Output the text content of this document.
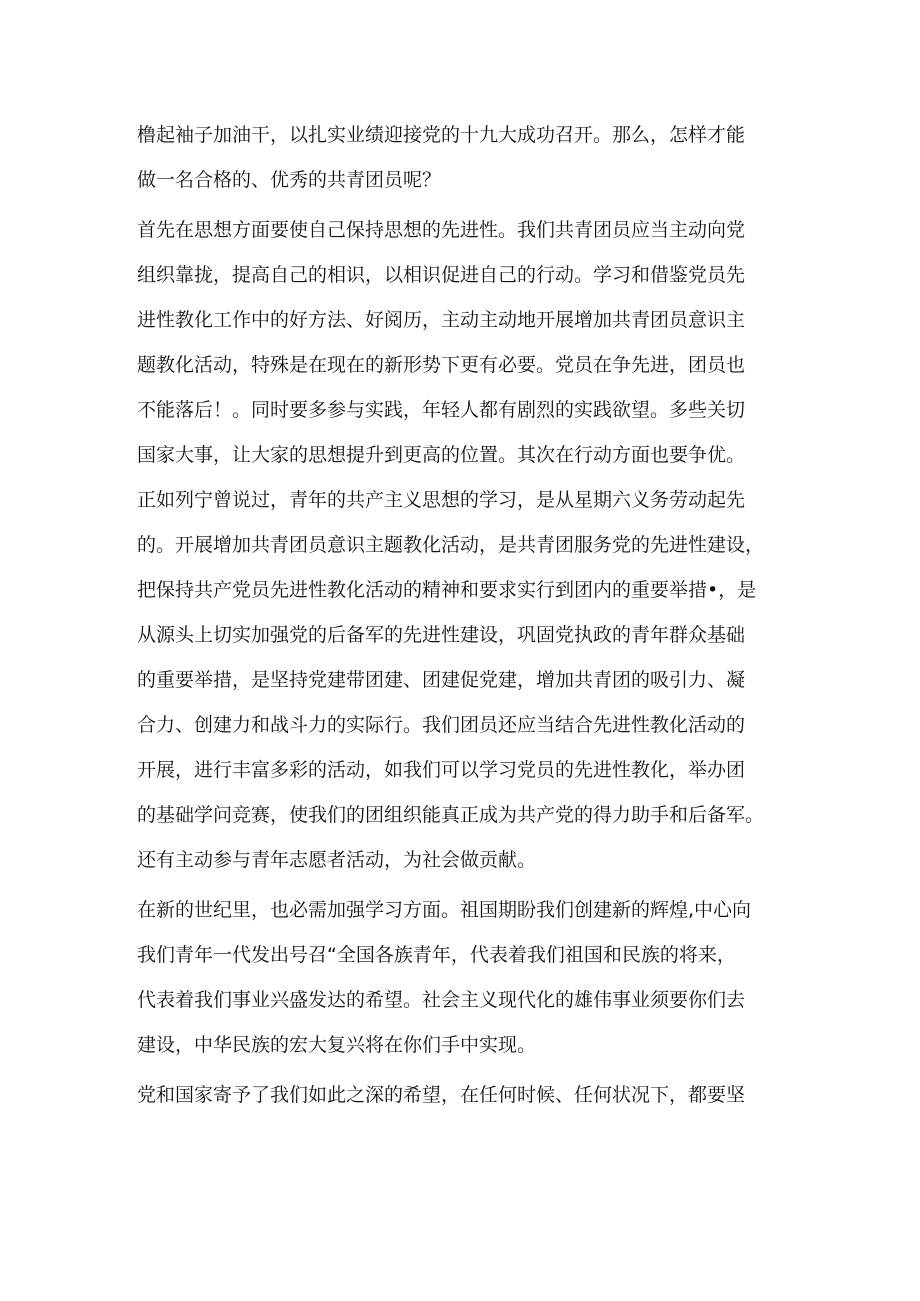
橹起袖子加油干，以扎实业绩迎接党的十九大成功召开。那么，怎样才能
做一名合格的、优秀的共青团员呢？
首先在思想方面要使自己保持思想的先进性。我们共青团员应当主动向党
组织靠拢，提高自己的相识，以相识促进自己的行动。学习和借鉴党员先
进性教化工作中的好方法、好阅历，主动主动地开展增加共青团员意识主
题教化活动，特殊是在现在的新形势下更有必要。党员在争先进，团员也
不能落后！。同时要多参与实践，年轻人都有剧烈的实践欲望。多些关切
国家大事，让大家的思想提升到更高的位置。其次在行动方面也要争优。
正如列宁曾说过，青年的共产主义思想的学习，是从星期六义务劳动起先
的。开展增加共青团员意识主题教化活动，是共青团服务党的先进性建设，
把保持共产党员先进性教化活动的精神和要求实行到团内的重要举措•，是
从源头上切实加强党的后备军的先进性建设，巩固党执政的青年群众基础
的重要举措，是坚持党建带团建、团建促党建，增加共青团的吸引力、凝
合力、创建力和战斗力的实际行。我们团员还应当结合先进性教化活动的
开展，进行丰富多彩的活动，如我们可以学习党员的先进性教化，举办团
的基础学问竞赛，使我们的团组织能真正成为共产党的得力助手和后备军。
还有主动参与青年志愿者活动，为社会做贡献。
在新的世纪里，也必需加强学习方面。祖国期盼我们创建新的辉煌,中心向
我们青年一代发出号召“全国各族青年，代表着我们祖国和民族的将来，
代表着我们事业兴盛发达的希望。社会主义现代化的雄伟事业须要你们去
建设，中华民族的宏大复兴将在你们手中实现。
党和国家寄予了我们如此之深的希望，在任何时候、任何状况下，都要坚
